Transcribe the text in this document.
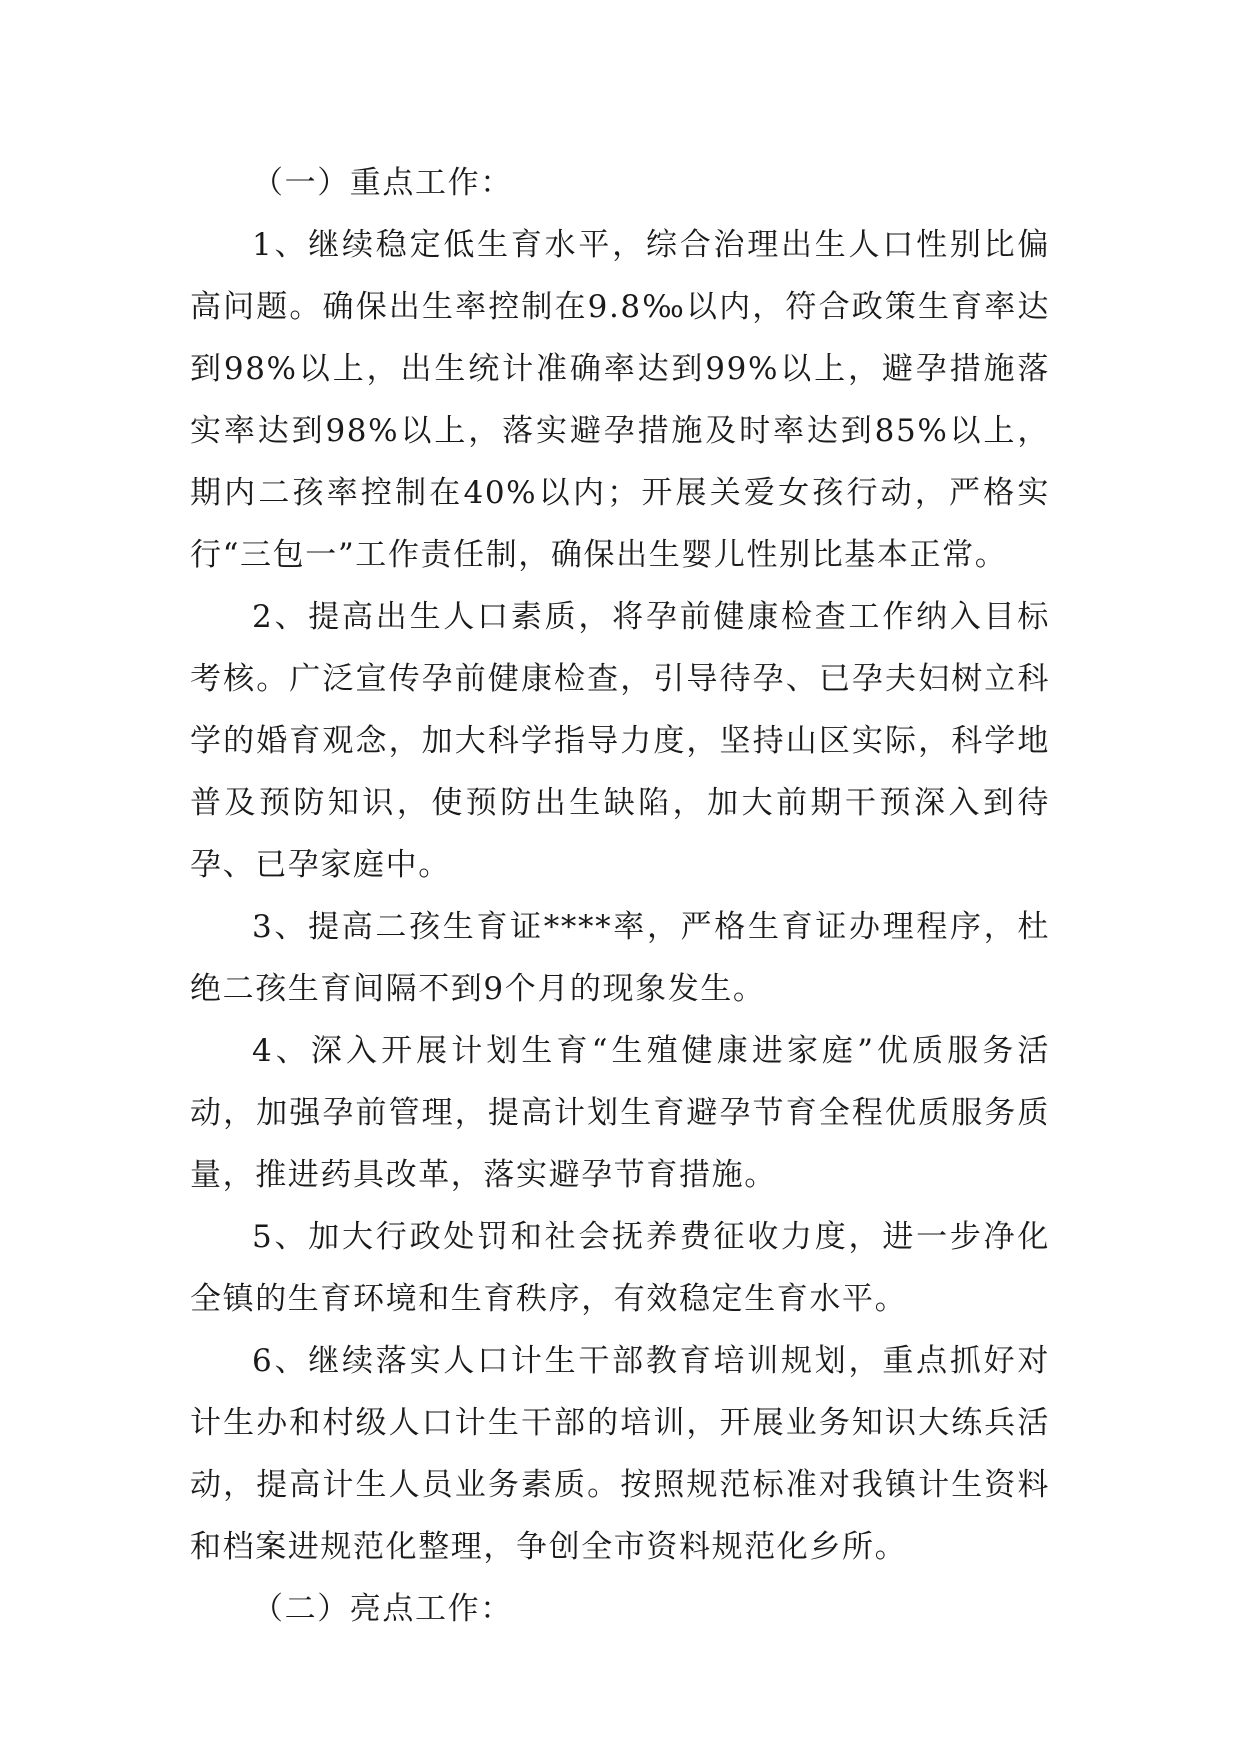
（一）重点工作：

1、继续稳定低生育水平，综合治理出生人口性别比偏高问题。确保出生率控制在9.8‰以内，符合政策生育率达到98%以上，出生统计准确率达到99%以上，避孕措施落实率达到98%以上，落实避孕措施及时率达到85%以上，期内二孩率控制在40%以内；开展关爱女孩行动，严格实行“三包一”工作责任制，确保出生婴儿性别比基本正常。

2、提高出生人口素质，将孕前健康检查工作纳入目标考核。广泛宣传孕前健康检查，引导待孕、已孕夫妇树立科学的婚育观念，加大科学指导力度，坚持山区实际，科学地普及预防知识，使预防出生缺陷，加大前期干预深入到待孕、已孕家庭中。

3、提高二孩生育证****率，严格生育证办理程序，杜绝二孩生育间隔不到9个月的现象发生。

4、深入开展计划生育“生殖健康进家庭”优质服务活动，加强孕前管理，提高计划生育避孕节育全程优质服务质量，推进药具改革，落实避孕节育措施。

5、加大行政处罚和社会抚养费征收力度，进一步净化全镇的生育环境和生育秩序，有效稳定生育水平。

6、继续落实人口计生干部教育培训规划，重点抓好对计生办和村级人口计生干部的培训，开展业务知识大练兵活动，提高计生人员业务素质。按照规范标准对我镇计生资料和档案进规范化整理，争创全市资料规范化乡所。

（二）亮点工作：
